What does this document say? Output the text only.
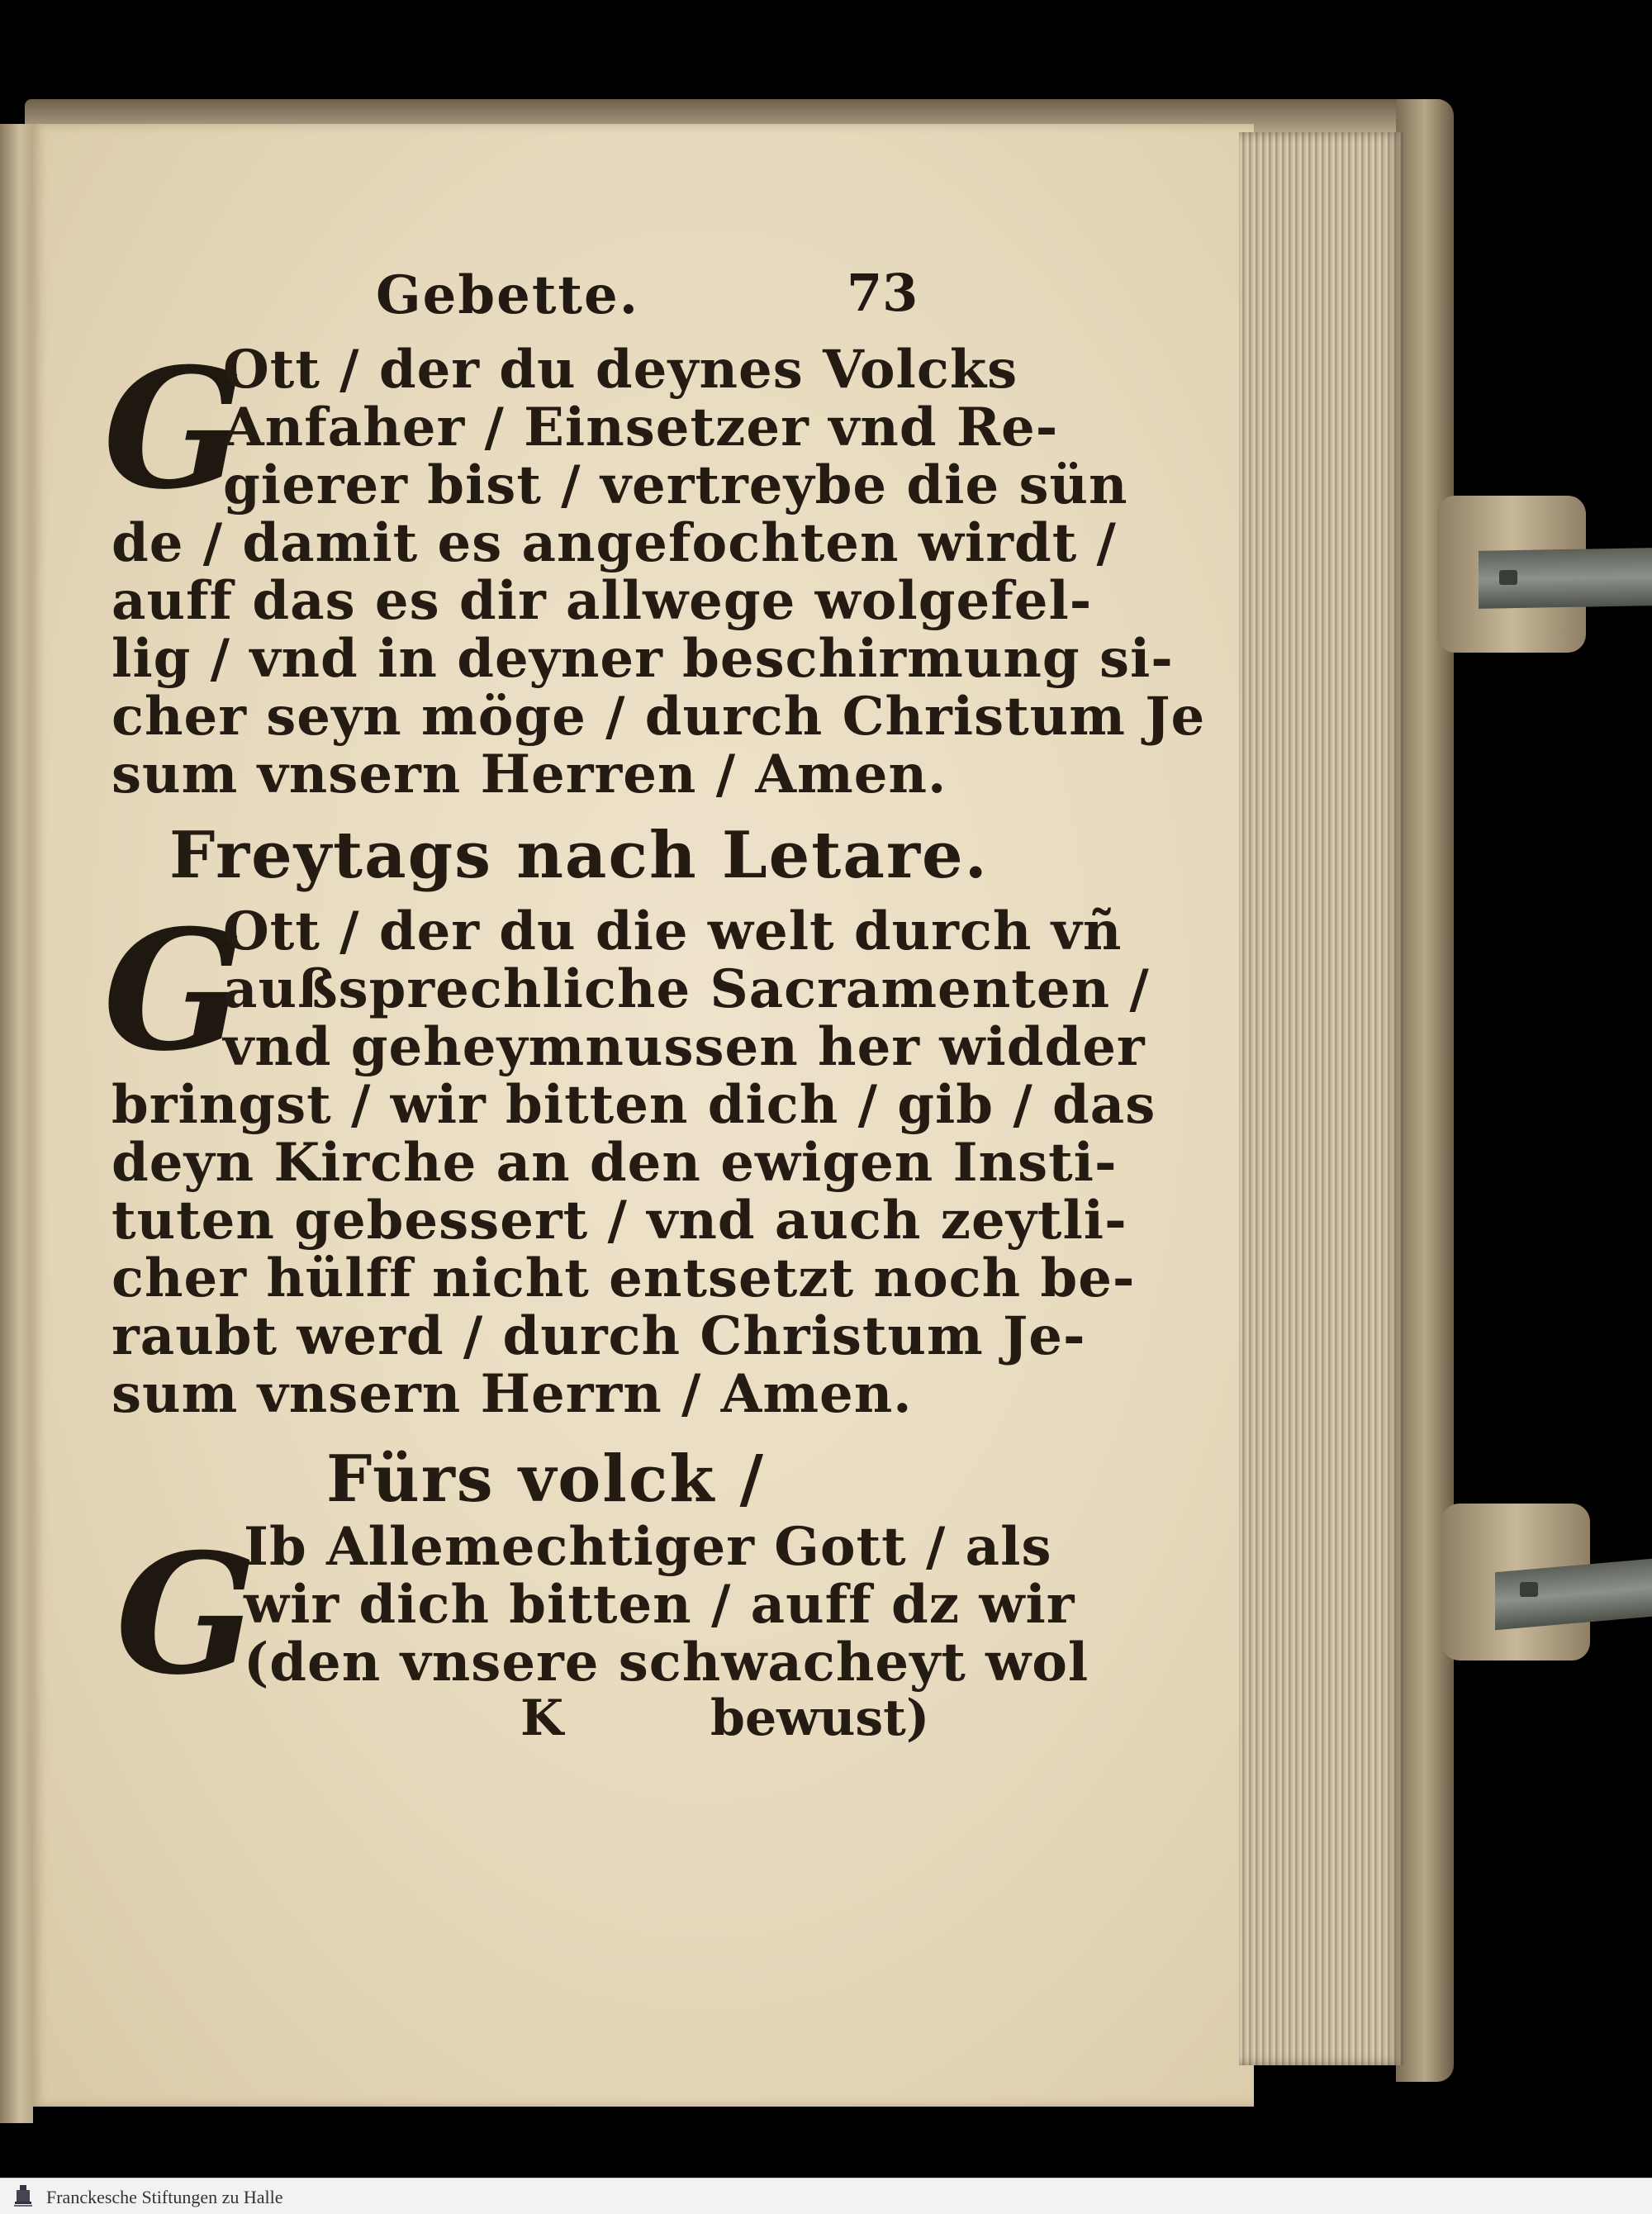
Gebette.	73
G
Ott / der du deynes Volcks
Anfaher / Einsetzer vnd Re-
gierer bist / vertreybe die sün
de / damit es angefochten wirdt /
auff das es dir allwege wolgefel-
lig / vnd in deyner beschirmung si-
cher seyn möge / durch Christum Je
sum vnsern Herren / Amen.
Freytags nach Letare.
G
Ott / der du die welt durch vñ
außsprechliche Sacramenten /
vnd geheymnussen her widder
bringst / wir bitten dich / gib / das
deyn Kirche an den ewigen Insti-
tuten gebessert / vnd auch zeytli-
cher hülff nicht entsetzt noch be-
raubt werd / durch Christum Je-
sum vnsern Herrn / Amen.
Fürs volck /
G
Ib Allemechtiger Gott / als
wir dich bitten / auff dz wir
(den vnsere schwacheyt wol
K	bewust)
Franckesche Stiftungen zu Halle
